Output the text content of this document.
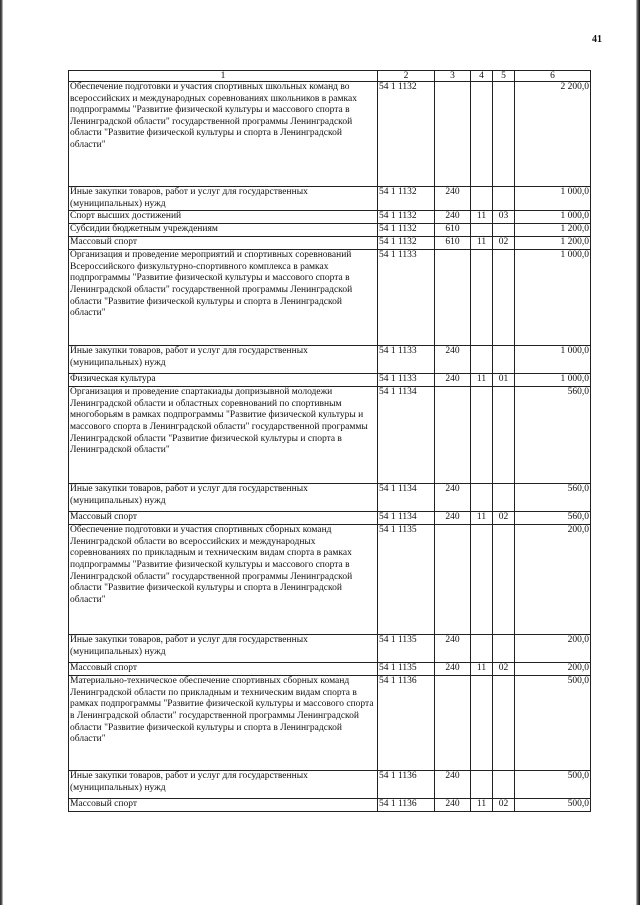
41
1	2	3	4	5	6
Обеспечение подготовки и участия спортивных школьных команд во всероссийских и международных соревнованиях школьников в рамках подпрограммы "Развитие физической культуры и массового спорта в Ленинградской области" государственной программы Ленинградской области "Развитие физической культуры и спорта в Ленинградской области"	54 1 1132				2 200,0
Иные закупки товаров, работ и услуг для государственных (муниципальных) нужд	54 1 1132	240			1 000,0
Спорт высших достижений	54 1 1132	240	11	03	1 000,0
Субсидии бюджетным учреждениям	54 1 1132	610			1 200,0
Массовый спорт	54 1 1132	610	11	02	1 200,0
Организация и проведение мероприятий и спортивных соревнований Всероссийского физкультурно-спортивного комплекса в рамках подпрограммы "Развитие физической культуры и массового спорта в Ленинградской области" государственной программы Ленинградской области "Развитие физической культуры и спорта в Ленинградской области"	54 1 1133				1 000,0
Иные закупки товаров, работ и услуг для государственных (муниципальных) нужд	54 1 1133	240			1 000,0
Физическая культура	54 1 1133	240	11	01	1 000,0
Организация и проведение спартакиады допризывной молодежи Ленинградской области и областных соревнований по спортивным многоборьям в рамках подпрограммы "Развитие физической культуры и массового спорта в Ленинградской области" государственной программы Ленинградской области "Развитие физической культуры и спорта в Ленинградской области"	54 1 1134				560,0
Иные закупки товаров, работ и услуг для государственных (муниципальных) нужд	54 1 1134	240			560,0
Массовый спорт	54 1 1134	240	11	02	560,0
Обеспечение подготовки и участия спортивных сборных команд Ленинградской области во всероссийских и международных соревнованиях по прикладным и техническим видам спорта в рамках подпрограммы "Развитие физической культуры и массового спорта в Ленинградской области" государственной программы Ленинградской области "Развитие физической культуры и спорта в Ленинградской области"	54 1 1135				200,0
Иные закупки товаров, работ и услуг для государственных (муниципальных) нужд	54 1 1135	240			200,0
Массовый спорт	54 1 1135	240	11	02	200,0
Материально-техническое обеспечение спортивных сборных команд Ленинградской области по прикладным и техническим видам спорта в рамках подпрограммы "Развитие физической культуры и массового спорта в Ленинградской области" государственной программы Ленинградской области "Развитие физической культуры и спорта в Ленинградской области"	54 1 1136				500,0
Иные закупки товаров, работ и услуг для государственных (муниципальных) нужд	54 1 1136	240			500,0
Массовый спорт	54 1 1136	240	11	02	500,0
